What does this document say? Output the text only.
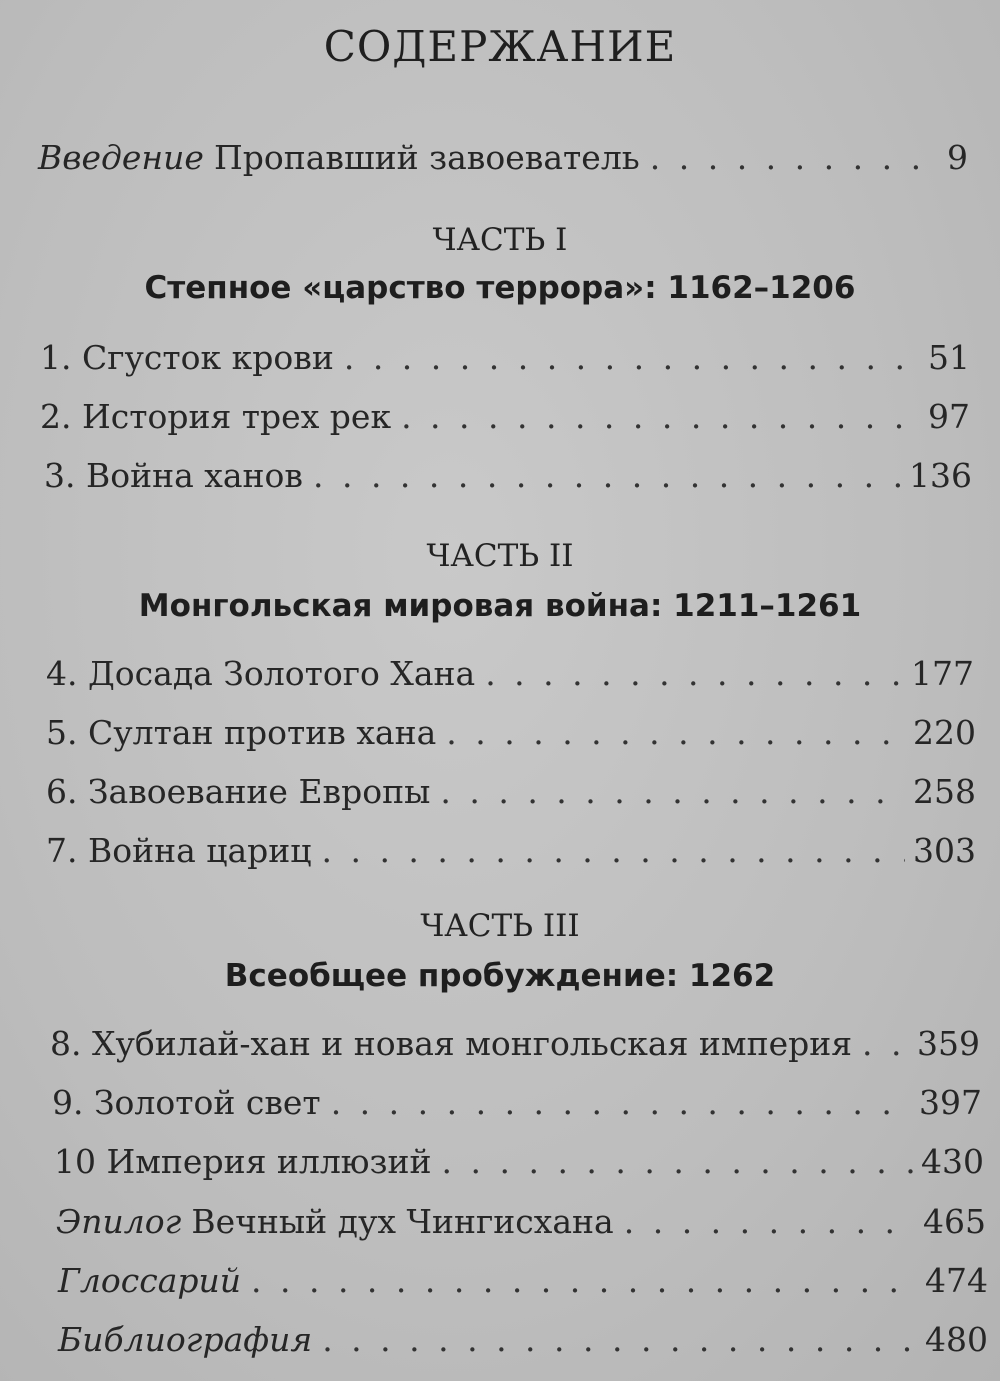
СОДЕРЖАНИЕ
Введение Пропавший завоеватель . . .	9
ЧАСТЬ I
Степное «царство террора»: 1162–1206
1. Сгусток крови . . .	51
2. История трех рек . . .	97
3. Война ханов . . .	136
ЧАСТЬ II
Монгольская мировая война: 1211–1261
4. Досада Золотого Хана . . .	177
5. Султан против хана . . .	220
6. Завоевание Европы . . .	258
7. Война цариц . . .	303
ЧАСТЬ III
Всеобщее пробуждение: 1262
8. Хубилай-хан и новая монгольская империя . . . 359
9. Золотой свет . . .	397
10 Империя иллюзий . . .	430
Эпилог Вечный дух Чингисхана . . .	465
Глоссарий . . .	474
Библиография . . .	480
